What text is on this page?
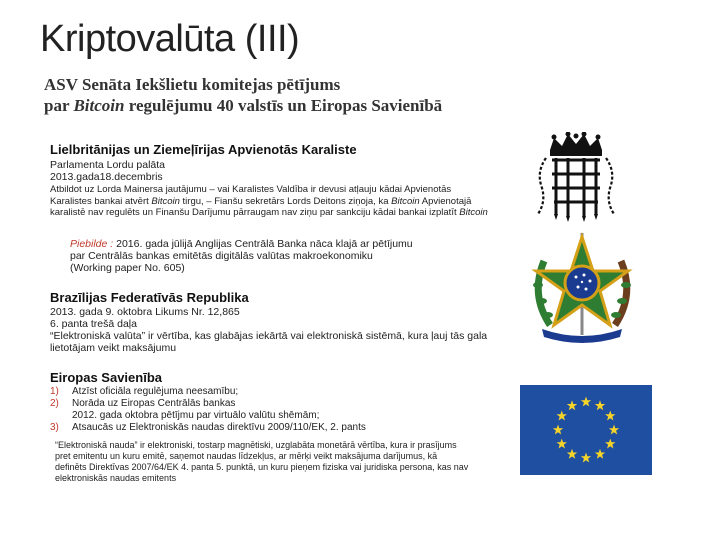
Kriptovalūta (III)
ASV Senāta Iekšlietu komitejas pētījums
par Bitcoin regulējumu 40 valstīs un Eiropas Savienībā
Lielbritānijas un Ziemeļīrijas Apvienotās Karaliste
Parlamenta Lordu palāta
2013.gada18.decembris
Atbildot uz Lorda Mainersa jautājumu – vai Karalistes Valdība ir devusi atļauju kādai Apvienotās
Karalistes bankai atvērt Bitcoin tirgu, – Fianšu sekretārs Lords Deitons ziņoja, ka Bitcoin Apvienotajā
karalistē nav regulēts un Finanšu Darījumu pārraugam nav ziņu par sankciju kādai bankai izplatīt Bitcoin
Piebilde : 2016. gada jūlijā Anglijas Centrālā Banka nāca klajā ar pētījumu
par Centrālās bankas emitētās digitālās valūtas makroekonomiku
(Working paper No. 605)
Brazīlijas Federatīvās Republika
2013. gada 9. oktobra Likums Nr. 12,865
6. panta trešā daļa
“Elektroniskā valūta” ir vērtība, kas glabājas iekārtā vai elektroniskā sistēmā, kura ļauj tās gala
lietotājam veikt maksājumu
Eiropas Savienība
1) Atzīst oficiāla regulējuma neesamību;
2) Norāda uz Eiropas Centrālās bankas
2012. gada oktobra pētījmu par virtuālo valūtu shēmām;
3) Atsaucās uz Elektroniskās naudas direktīvu 2009/110/EK, 2. pants
“Elektroniskā nauda” ir elektroniski, tostarp magnētiski, uzglabāta monetārā vērtība, kura ir prasījums
pret emitentu un kuru emitē, saņemot naudas līdzekļus, ar mērķi veikt maksājuma darījumus, kā
definēts Direktīvas 2007/64/EK 4. panta 5. punktā, un kuru pieņem fiziska vai juridiska persona, kas nav
elektroniskās naudas emitents
